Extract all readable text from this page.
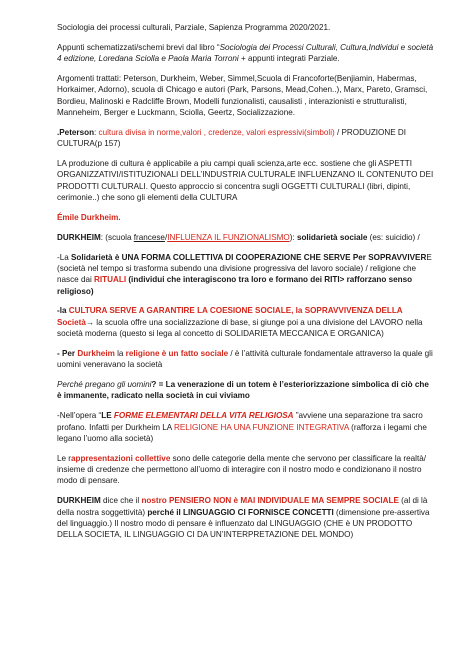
Sociologia dei processi culturali, Parziale, Sapienza Programma 2020/2021.

Appunti schematizzati/schemi brevi dal libro “Sociologia dei Processi Culturali, Cultura,Individui e società 4 edizione, Loredana Sciolla e Paola Maria Torroni + appunti integrati Parziale.

Argomenti trattati: Peterson, Durkheim, Weber, Simmel,Scuola di Francoforte(Benjiamin, Habermas, Horkaimer, Adorno), scuola di Chicago e autori (Park, Parsons, Mead,Cohen..), Marx, Pareto, Gramsci, Bordieu, Malinoski e Radcliffe Brown, Modelli funzionalisti, causalisti , interazionisti e strutturalisti, Manneheim, Berger e Luckmann, Sciolla, Geertz, Socializzazione.

.Peterson: cultura divisa in norme,valori , credenze, valori espressivi(simboli) / PRODUZIONE DI CULTURA(p 157)

LA produzione di cultura è applicabile a piu campi quali scienza,arte ecc. sostiene che gli ASPETTI ORGANIZZATIVI/ISTITUZIONALI DELL’INDUSTRIA CULTURALE INFLUENZANO IL CONTENUTO DEI PRODOTTI CULTURALI. Questo approccio si concentra sugli OGGETTI CULTURALI (libri, dipinti, cerimonie..) che sono gli elementi della CULTURA

Émile Durkheim.

DURKHEIM: (scuola francese/INFLUENZA IL FUNZIONALISMO): solidarietà sociale (es: suicidio) /

-La Solidarietà è UNA FORMA COLLETTIVA DI COOPERAZIONE CHE SERVE Per SOPRAVVIVERE (società nel tempo si trasforma subendo una divisione progressiva del lavoro sociale) / religione che nasce dai RITUALI (individui che interagiscono tra loro e formano dei RITI> rafforzano senso religioso)

-la CULTURA SERVE A GARANTIRE LA COESIONE SOCIALE, la SOPRAVVIVENZA DELLA Società→ la scuola offre una socializzazione di base, si giunge poi a una divisione del LAVORO nella società moderna (questo si lega al concetto di SOLIDARIETA MECCANICA E ORGANICA)

- Per Durkheim la religione è un fatto sociale / è l’attività culturale fondamentale attraverso la quale gli uomini veneravano la società

Perché pregano gli uomini? = La venerazione di un totem è l’esteriorizzazione simbolica di ciò che è immanente, radicato nella società in cui viviamo

-Nell’opera “LE FORME ELEMENTARI DELLA VITA RELIGIOSA ”avviene una separazione tra sacro profano. Infatti per Durkheim LA RELIGIONE HA UNA FUNZIONE INTEGRATIVA (rafforza i legami che legano l’uomo alla società)

Le rappresentazioni collettive sono delle categorie della mente che servono per classificare la realtà/ insieme di credenze che permettono all’uomo di interagire con il nostro modo e condizionano il nostro modo di pensare.

DURKHEIM dice che il nostro PENSIERO NON è MAI INDIVIDUALE MA SEMPRE SOCIALE (al di là della nostra soggettività) perché il LINGUAGGIO CI FORNISCE CONCETTI (dimensione pre-assertiva del linguaggio.) Il nostro modo di pensare è influenzato dal LINGUAGGIO (CHE è UN PRODOTTO DELLA SOCIETA, IL LINGUAGGIO CI DA UN’INTERPRETAZIONE DEL MONDO)
